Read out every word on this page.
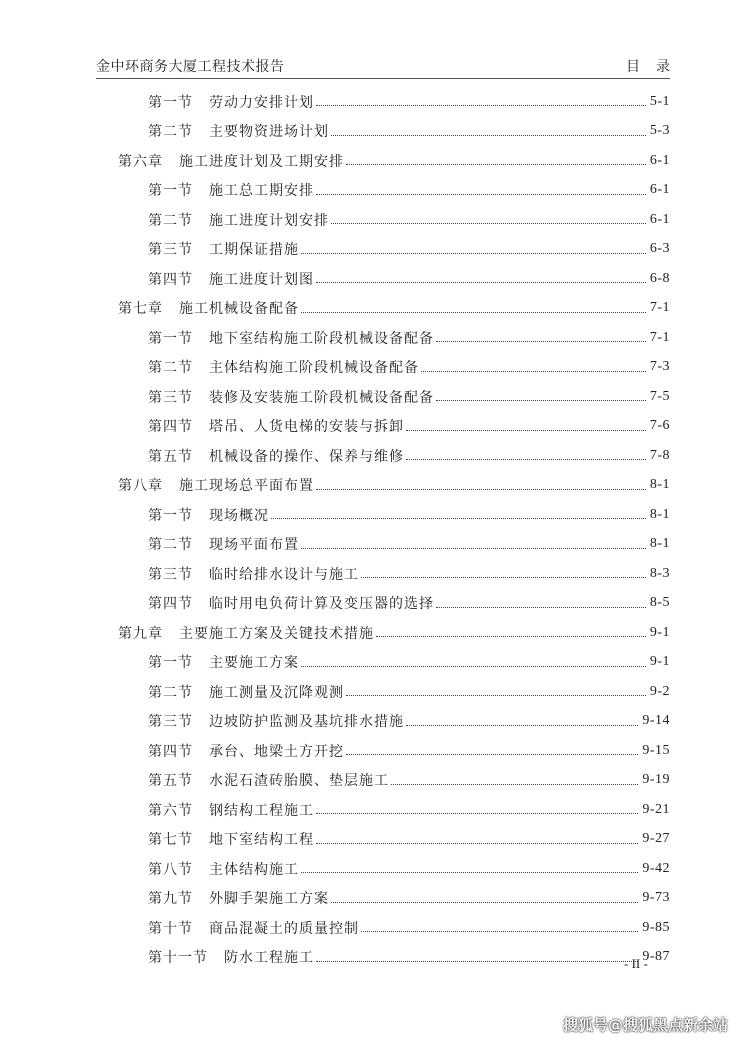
金中环商务大厦工程技术报告	目录
第一节 劳动力安排计划	5-1
第二节 主要物资进场计划	5-3
第六章 施工进度计划及工期安排	6-1
第一节 施工总工期安排	6-1
第二节 施工进度计划安排	6-1
第三节 工期保证措施	6-3
第四节 施工进度计划图	6-8
第七章 施工机械设备配备	7-1
第一节 地下室结构施工阶段机械设备配备	7-1
第二节 主体结构施工阶段机械设备配备	7-3
第三节 装修及安装施工阶段机械设备配备	7-5
第四节 塔吊、人货电梯的安装与拆卸	7-6
第五节 机械设备的操作、保养与维修	7-8
第八章 施工现场总平面布置	8-1
第一节 现场概况	8-1
第二节 现场平面布置	8-1
第三节 临时给排水设计与施工	8-3
第四节 临时用电负荷计算及变压器的选择	8-5
第九章 主要施工方案及关键技术措施	9-1
第一节 主要施工方案	9-1
第二节 施工测量及沉降观测	9-2
第三节 边坡防护监测及基坑排水措施	9-14
第四节 承台、地梁土方开挖	9-15
第五节 水泥石渣砖胎膜、垫层施工	9-19
第六节 钢结构工程施工	9-21
第七节 地下室结构工程	9-27
第八节 主体结构施工	9-42
第九节 外脚手架施工方案	9-73
第十节 商品混凝土的质量控制	9-85
第十一节 防水工程施工	9-87
- II -
搜狐号@搜狐黑点新余站
